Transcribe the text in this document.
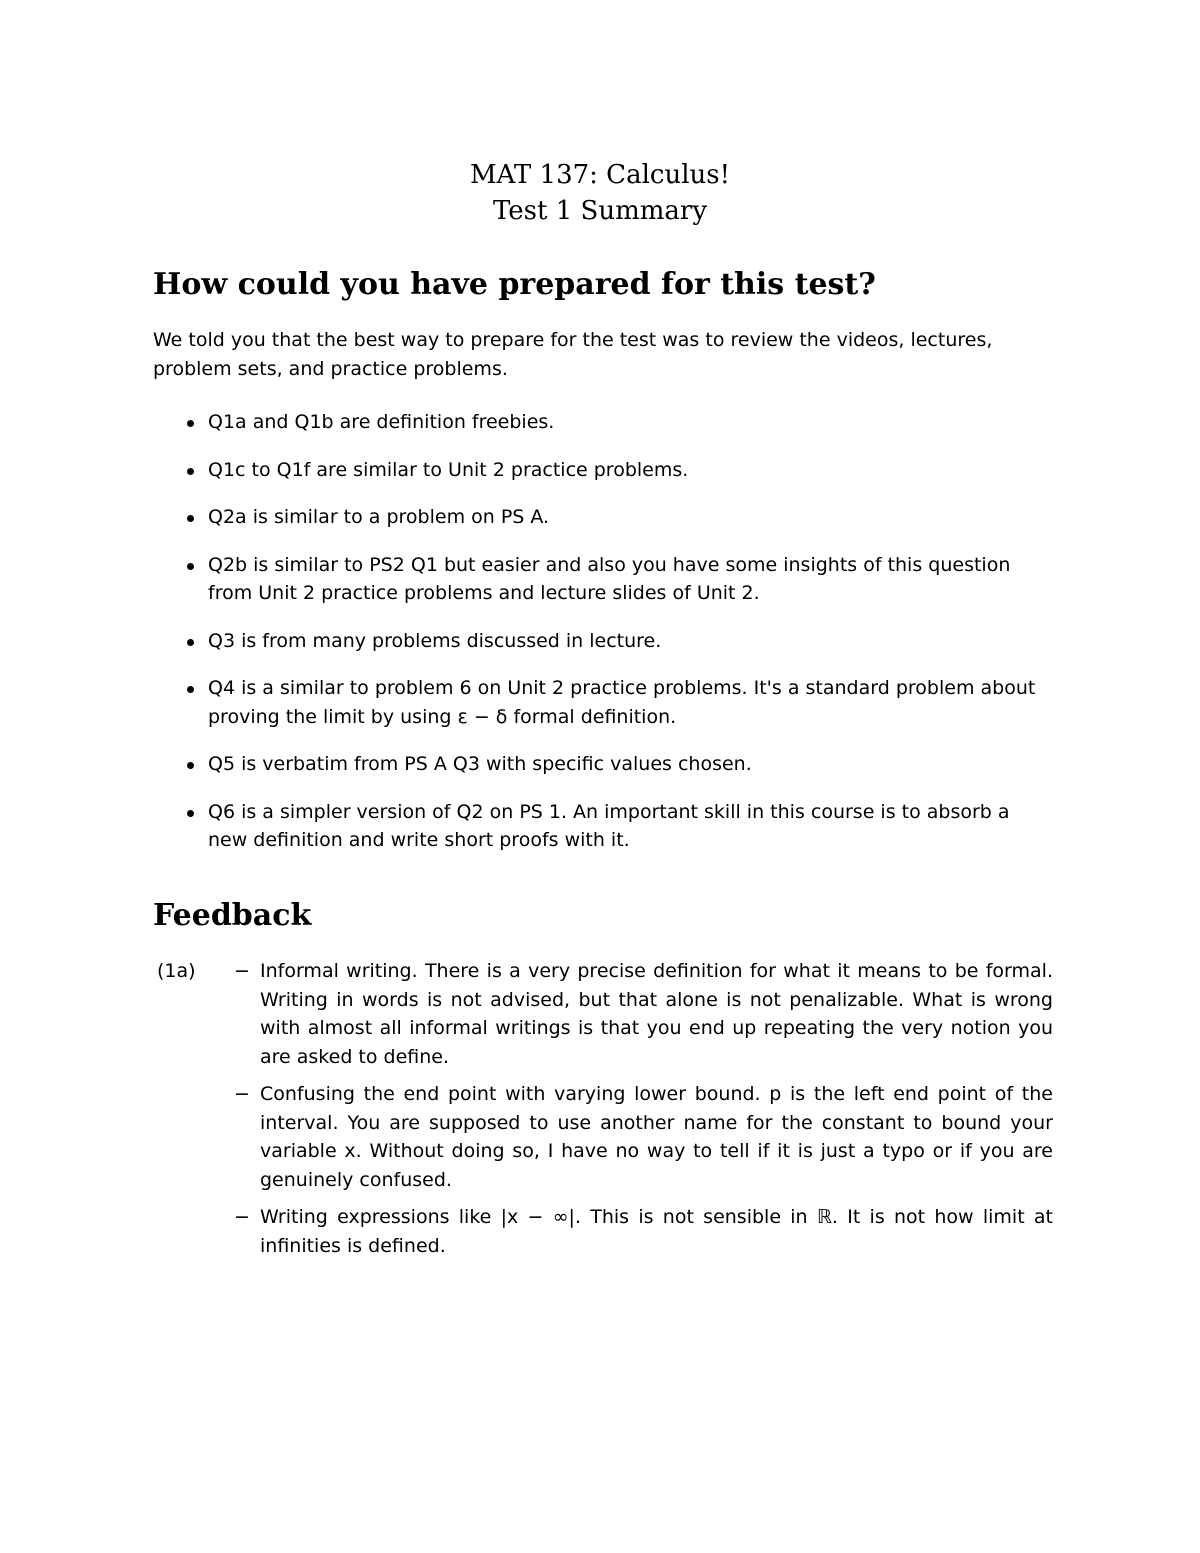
MAT 137: Calculus!
Test 1 Summary
How could you have prepared for this test?
We told you that the best way to prepare for the test was to review the videos, lectures, problem sets, and practice problems.
Q1a and Q1b are definition freebies.
Q1c to Q1f are similar to Unit 2 practice problems.
Q2a is similar to a problem on PS A.
Q2b is similar to PS2 Q1 but easier and also you have some insights of this question from Unit 2 practice problems and lecture slides of Unit 2.
Q3 is from many problems discussed in lecture.
Q4 is a similar to problem 6 on Unit 2 practice problems. It's a standard problem about proving the limit by using ε − δ formal definition.
Q5 is verbatim from PS A Q3 with specific values chosen.
Q6 is a simpler version of Q2 on PS 1. An important skill in this course is to absorb a new definition and write short proofs with it.
Feedback
(1a) − Informal writing. There is a very precise definition for what it means to be formal. Writing in words is not advised, but that alone is not penalizable. What is wrong with almost all informal writings is that you end up repeating the very notion you are asked to define.
− Confusing the end point with varying lower bound. p is the left end point of the interval. You are supposed to use another name for the constant to bound your variable x. Without doing so, I have no way to tell if it is just a typo or if you are genuinely confused.
− Writing expressions like |x − ∞|. This is not sensible in ℝ. It is not how limit at infinities is defined.
